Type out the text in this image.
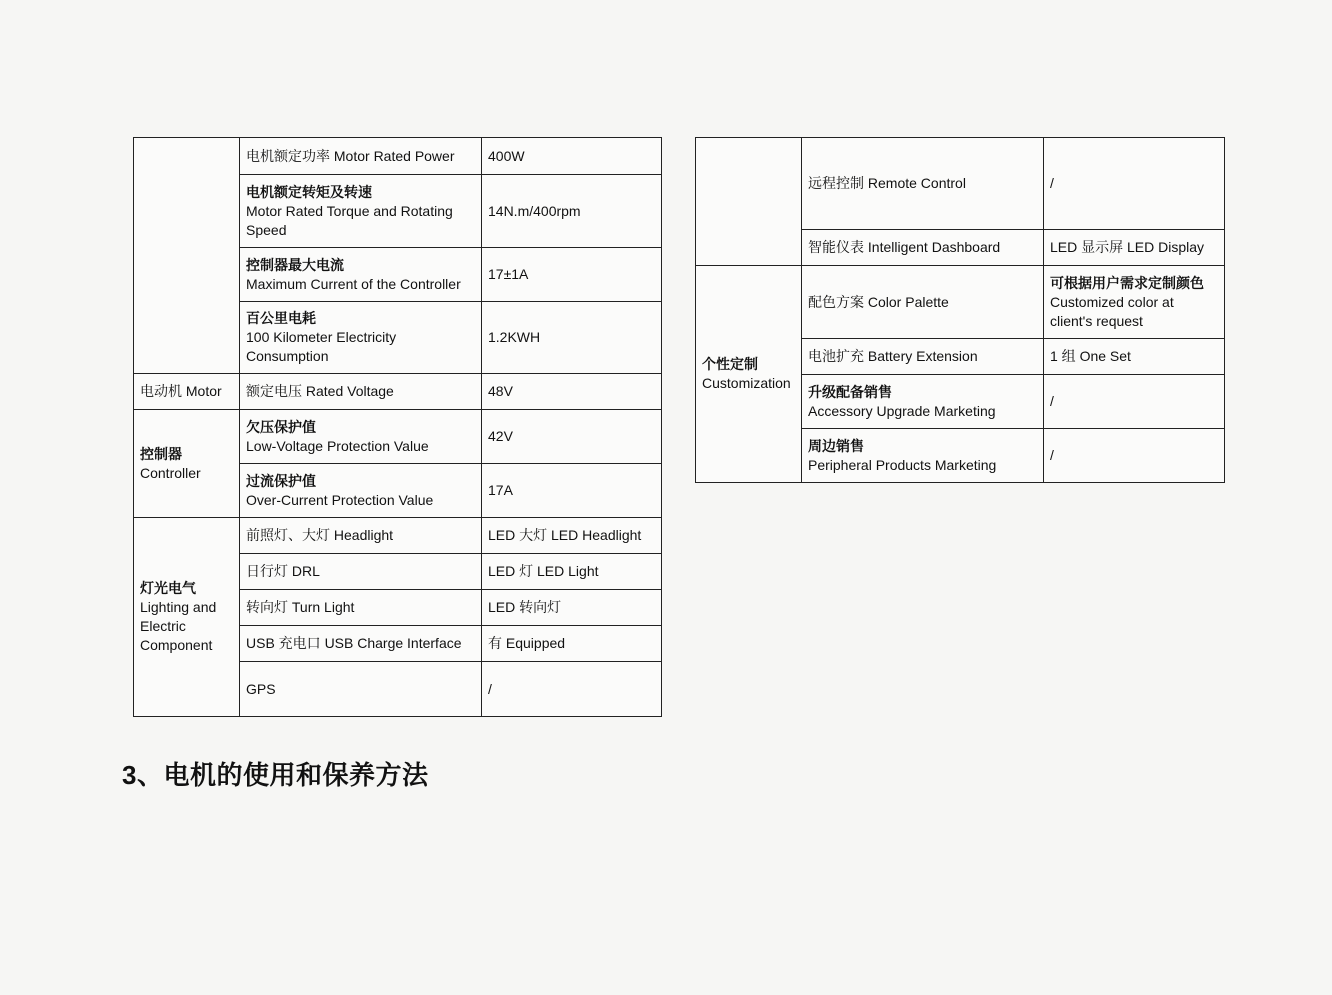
	电机额定功率 Motor Rated Power	400W

	电机额定转矩及转速
Motor Rated Torque and Rotating
Speed	14N.m/400rpm

	控制器最大电流
Maximum Current of the Controller	17±1A

	百公里电耗
100 Kilometer Electricity
Consumption	1.2KWH

电动机 Motor	额定电压 Rated Voltage	48V

控制器
Controller	欠压保护值
Low-Voltage Protection Value	42V

	过流保护值
Over-Current Protection Value	17A

灯光电气
Lighting and
Electric
Component	前照灯、大灯 Headlight	LED 大灯 LED Headlight

	日行灯 DRL	LED 灯 LED Light

	转向灯 Turn Light	LED 转向灯

	USB 充电口 USB Charge Interface	有 Equipped

	GPS	/

	远程控制 Remote Control	/

	智能仪表 Intelligent Dashboard	LED 显示屏 LED Display

个性定制
Customization	配色方案 Color Palette	可根据用户需求定制颜色
Customized color at
client's request

	电池扩充 Battery Extension	1 组 One Set

	升级配备销售
Accessory Upgrade Marketing	/

	周边销售
Peripheral Products Marketing	/
3、电机的使用和保养方法
